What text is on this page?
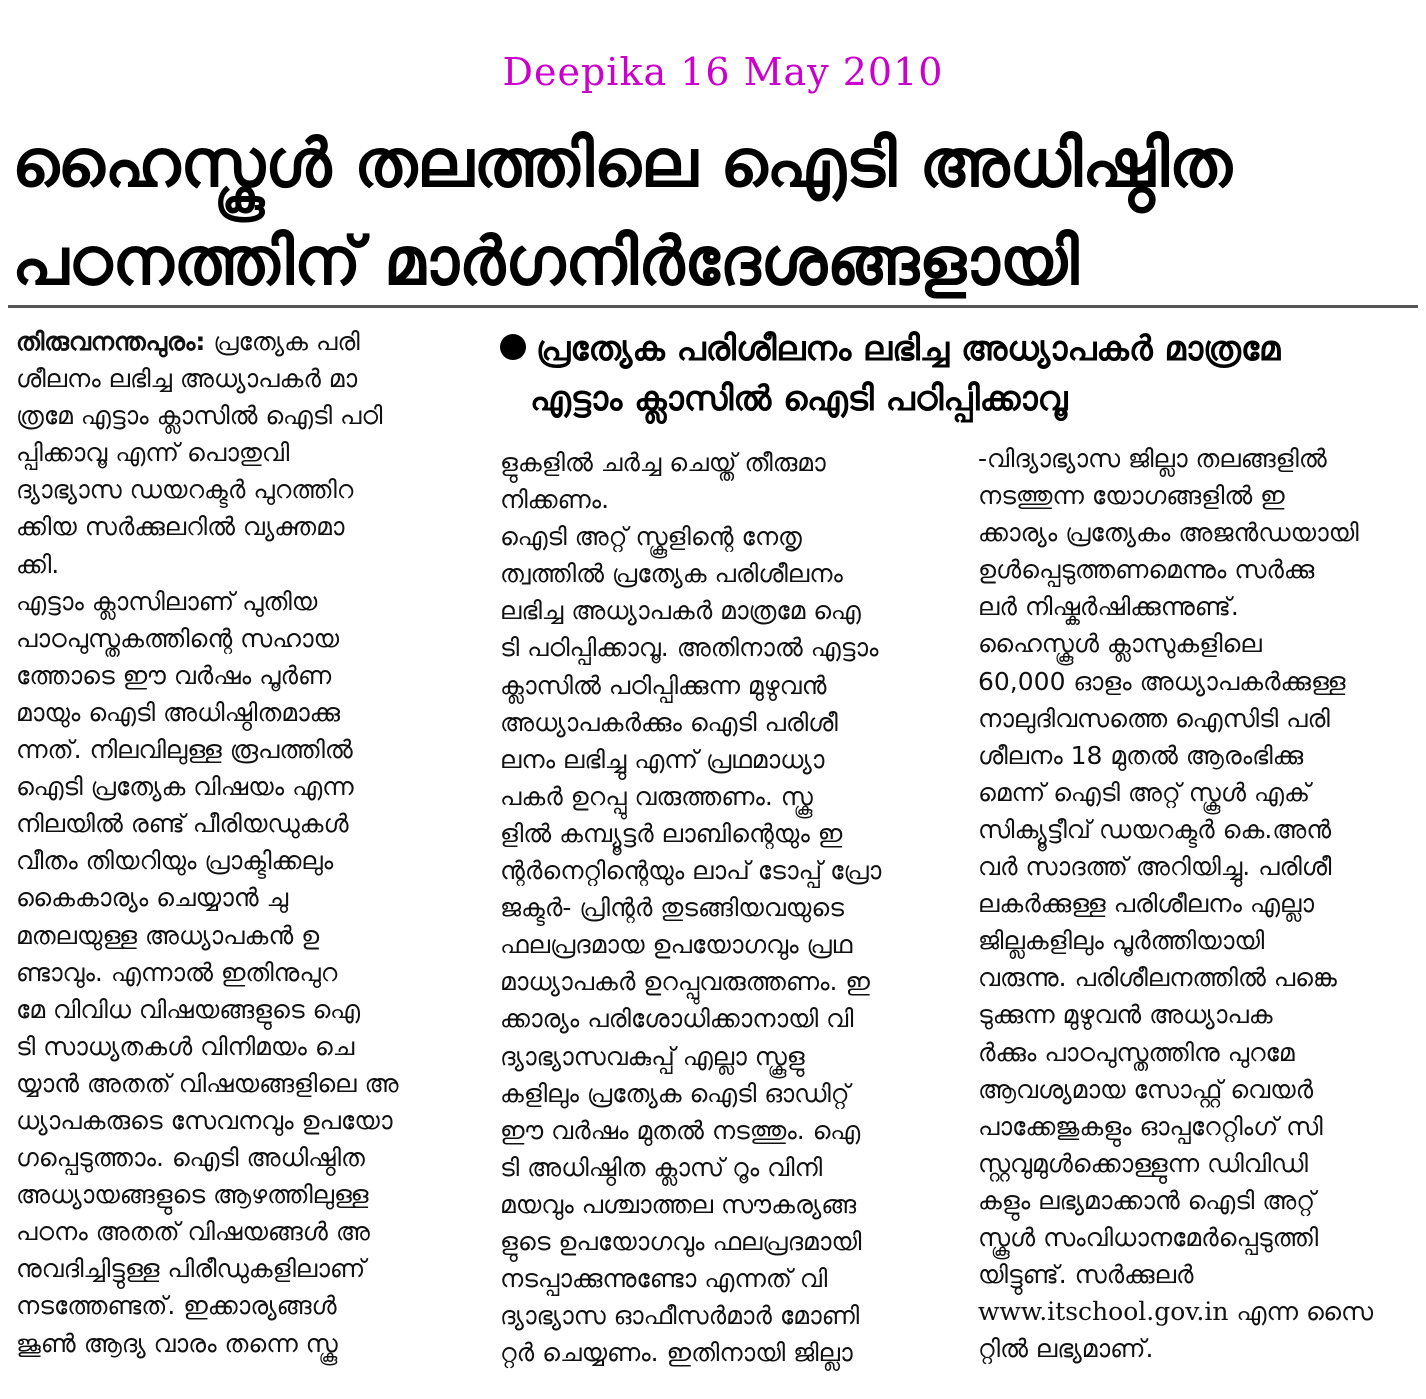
Deepika 16 May 2010
ഹൈസ്കൂൾ തലത്തിലെ ഐടി അധിഷ്ഠിത
പഠനത്തിന് മാർഗനിർദേശങ്ങളായി
പ്രത്യേക പരിശീലനം ലഭിച്ച അധ്യാപകർ മാത്രമേ
എട്ടാം ക്ലാസിൽ ഐടി പഠിപ്പിക്കാവൂ

തിരുവനന്തപുരം: പ്രത്യേക പരി

ശീലനം ലഭിച്ച അധ്യാപകർ മാ

ത്രമേ എട്ടാം ക്ലാസിൽ ഐടി പഠി

പ്പിക്കാവൂ എന്ന് പൊതുവി

ദ്യാഭ്യാസ ഡയറക്ടർ പുറത്തിറ

ക്കിയ സർക്കുലറിൽ വ്യക്തമാ

ക്കി.

എട്ടാം ക്ലാസിലാണ് പുതിയ

പാഠപുസ്തകത്തിന്റെ സഹായ

ത്തോടെ ഈ വർഷം പൂർണ

മായും ഐടി അധിഷ്ഠിതമാക്കു

ന്നത്. നിലവിലുള്ള രൂപത്തിൽ

ഐടി പ്രത്യേക വിഷയം എന്ന

നിലയിൽ രണ്ട് പീരിയഡുകൾ

വീതം തിയറിയും പ്രാക്ടിക്കലും

കൈകാര്യം ചെയ്യാൻ ചു

മതലയുള്ള അധ്യാപകൻ ഉ

ണ്ടാവും. എന്നാൽ ഇതിനുപുറ

മേ വിവിധ വിഷയങ്ങളുടെ ഐ

ടി സാധ്യതകൾ വിനിമയം ചെ

യ്യാൻ അതത് വിഷയങ്ങളിലെ അ

ധ്യാപകരുടെ സേവനവും ഉപയോ

ഗപ്പെടുത്താം. ഐടി അധിഷ്ഠിത

അധ്യായങ്ങളുടെ ആഴത്തിലുള്ള

പഠനം അതത് വിഷയങ്ങൾ അ

നുവദിച്ചിട്ടുള്ള പിരീഡുകളിലാണ്

നടത്തേണ്ടത്. ഇക്കാര്യങ്ങൾ

ജൂൺ ആദ്യ വാരം തന്നെ സ്കൂ

ളുകളിൽ ചർച്ച ചെയ്ത് തീരുമാ

നിക്കണം.

ഐടി അറ്റ് സ്കൂളിന്റെ നേതൃ

ത്വത്തിൽ പ്രത്യേക പരിശീലനം

ലഭിച്ച അധ്യാപകർ മാത്രമേ ഐ

ടി പഠിപ്പിക്കാവൂ. അതിനാൽ എട്ടാം

ക്ലാസിൽ പഠിപ്പിക്കുന്ന മുഴുവൻ

അധ്യാപകർക്കും ഐടി പരിശീ

ലനം ലഭിച്ചു എന്ന് പ്രഥമാധ്യാ

പകർ ഉറപ്പു വരുത്തണം. സ്കൂ

ളിൽ കമ്പ്യൂട്ടർ ലാബിന്റെയും ഇ

ന്റർനെറ്റിന്റെയും ലാപ് ടോപ്പ് പ്രോ

ജക്ടർ- പ്രിന്റർ തുടങ്ങിയവയുടെ

ഫലപ്രദമായ ഉപയോഗവും പ്രഥ

മാധ്യാപകർ ഉറപ്പുവരുത്തണം. ഇ

ക്കാര്യം പരിശോധിക്കാനായി വി

ദ്യാഭ്യാസവകുപ്പ് എല്ലാ സ്കൂളു

കളിലും പ്രത്യേക ഐടി ഓഡിറ്റ്

ഈ വർഷം മുതൽ നടത്തും. ഐ

ടി അധിഷ്ഠിത ക്ലാസ് റൂം വിനി

മയവും പശ്ചാത്തല സൗകര്യങ്ങ

ളുടെ ഉപയോഗവും ഫലപ്രദമായി

നടപ്പാക്കുന്നുണ്ടോ എന്നത് വി

ദ്യാഭ്യാസ ഓഫീസർമാർ മോണി

റ്റർ ചെയ്യണം. ഇതിനായി ജില്ലാ

-വിദ്യാഭ്യാസ ജില്ലാ തലങ്ങളിൽ

നടത്തുന്ന യോഗങ്ങളിൽ ഇ

ക്കാര്യം പ്രത്യേകം അജൻഡയായി

ഉൾപ്പെടുത്തണമെന്നും സർക്കു

ലർ നിഷ്കർഷിക്കുന്നുണ്ട്.

ഹൈസ്കൂൾ ക്ലാസുകളിലെ

60,000 ഓളം അധ്യാപകർക്കുള്ള

നാലുദിവസത്തെ ഐസിടി പരി

ശീലനം 18 മുതൽ ആരംഭിക്കു

മെന്ന് ഐടി അറ്റ് സ്കൂൾ എക്

സിക്യൂട്ടീവ് ഡയറക്ടർ കെ.അൻ

വർ സാദത്ത് അറിയിച്ചു. പരിശീ

ലകർക്കുള്ള പരിശീലനം എല്ലാ

ജില്ലകളിലും പൂർത്തിയായി

വരുന്നു. പരിശീലനത്തിൽ പങ്കെ

ടുക്കുന്ന മുഴുവൻ അധ്യാപക

ർക്കും പാഠപുസ്തത്തിനു പുറമേ

ആവശ്യമായ സോഫ്റ്റ് വെയർ

പാക്കേജുകളും ഓപ്പറേറ്റിംഗ് സി

സ്റ്റവുമുൾക്കൊള്ളുന്ന ഡിവിഡി

കളും ലഭ്യമാക്കാൻ ഐടി അറ്റ്

സ്കൂൾ സംവിധാനമേർപ്പെടുത്തി

യിട്ടുണ്ട്. സർക്കുലർ

www.itschool.gov.in എന്ന സൈ

റ്റിൽ ലഭ്യമാണ്.
